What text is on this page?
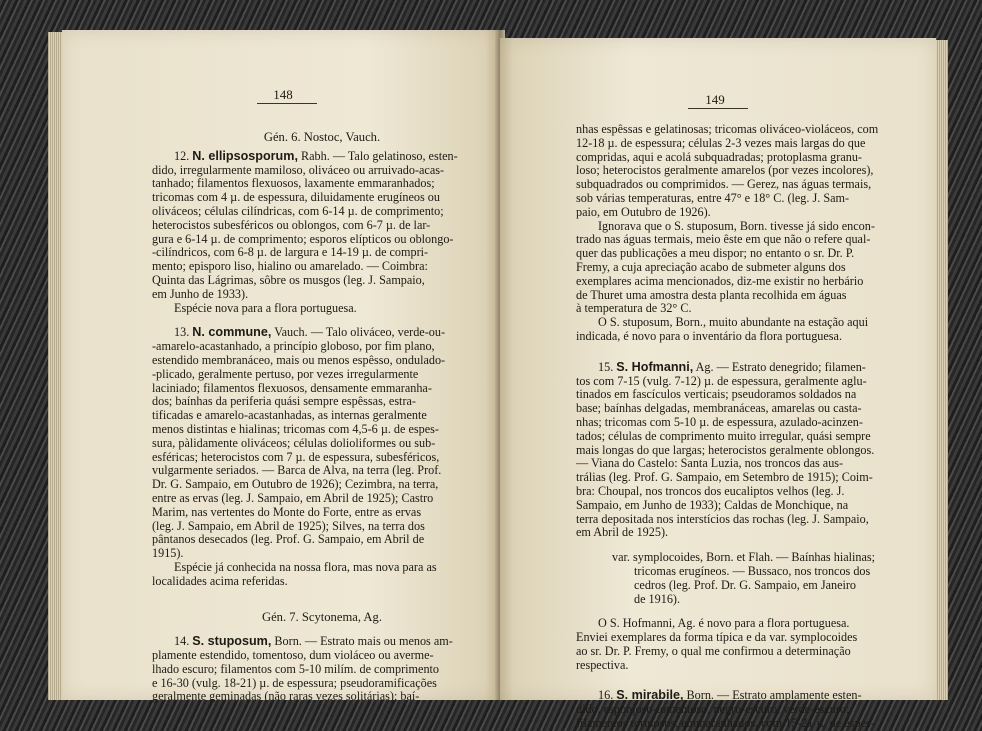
148

Gén. 6. Nostoc, Vauch.

12. N. ellipsosporum, Rabh. — Talo gelatinoso, esten-

dido, irregularmente mamiloso, oliváceo ou arruivado-acas-

tanhado; filamentos flexuosos, laxamente emmaranhados;

tricomas com 4 µ. de espessura, diluidamente erugíneos ou

oliváceos; células cilíndricas, com 6-14 µ. de comprimento;

heterocistos subesféricos ou oblongos, com 6-7 µ. de lar-

gura e 6-14 µ. de comprimento; esporos elípticos ou oblongo-

-cilíndricos, com 6-8 µ. de largura e 14-19 µ. de compri-

mento; episporo liso, hialino ou amarelado. — Coimbra:

Quinta das Lágrimas, sôbre os musgos (leg. J. Sampaio,

em Junho de 1933).

Espécie nova para a flora portuguesa.

13. N. commune, Vauch. — Talo oliváceo, verde-ou-

-amarelo-acastanhado, a princípio globoso, por fim plano,

estendido membranáceo, mais ou menos espêsso, ondulado-

-plicado, geralmente pertuso, por vezes irregularmente

laciniado; filamentos flexuosos, densamente emmaranha-

dos; baínhas da periferia quási sempre espêssas, estra-

tificadas e amarelo-acastanhadas, as internas geralmente

menos distintas e hialinas; tricomas com 4,5-6 µ. de espes-

sura, pàlidamente oliváceos; células dolioliformes ou sub-

esféricas; heterocistos com 7 µ. de espessura, subesféricos,

vulgarmente seriados. — Barca de Alva, na terra (leg. Prof.

Dr. G. Sampaio, em Outubro de 1926); Cezimbra, na terra,

entre as ervas (leg. J. Sampaio, em Abril de 1925); Castro

Marim, nas vertentes do Monte do Forte, entre as ervas

(leg. J. Sampaio, em Abril de 1925); Silves, na terra dos

pântanos desecados (leg. Prof. G. Sampaio, em Abril de

1915).

Espécie já conhecida na nossa flora, mas nova para as

localidades acima referidas.

Gén. 7. Scytonema, Ag.

14. S. stuposum, Born. — Estrato mais ou menos am-

plamente estendido, tomentoso, dum violáceo ou averme-

lhado escuro; filamentos com 5-10 milím. de comprimento

e 16-30 (vulg. 18-21) µ. de espessura; pseudoramificações

geralmente geminadas (não raras vezes solitárias); baí-

149

nhas espêssas e gelatinosas; tricomas oliváceo-violáceos, com

12-18 µ. de espessura; células 2-3 vezes mais largas do que

compridas, aqui e acolá subquadradas; protoplasma granu-

loso; heterocistos geralmente amarelos (por vezes incolores),

subquadrados ou comprimidos. — Gerez, nas águas termais,

sob várias temperaturas, entre 47° e 18° C. (leg. J. Sam-

paio, em Outubro de 1926).

Ignorava que o S. stuposum, Born. tivesse já sido encon-

trado nas águas termais, meio êste em que não o refere qual-

quer das publicações a meu dispor; no entanto o sr. Dr. P.

Fremy, a cuja apreciação acabo de submeter alguns dos

exemplares acima mencionados, diz-me existir no herbário

de Thuret uma amostra desta planta recolhida em águas

à temperatura de 32° C.

O S. stuposum, Born., muito abundante na estação aqui

indicada, é novo para o inventário da flora portuguesa.

15. S. Hofmanni, Ag. — Estrato denegrido; filamen-

tos com 7-15 (vulg. 7-12) µ. de espessura, geralmente aglu-

tinados em fascículos verticais; pseudoramos soldados na

base; baínhas delgadas, membranáceas, amarelas ou casta-

nhas; tricomas com 5-10 µ. de espessura, azulado-acinzen-

tados; células de comprimento muito irregular, quási sempre

mais longas do que largas; heterocistos geralmente oblongos.

— Viana do Castelo: Santa Luzia, nos troncos das aus-

trálias (leg. Prof. G. Sampaio, em Setembro de 1915); Coim-

bra: Choupal, nos troncos dos eucaliptos velhos (leg. J.

Sampaio, em Junho de 1933); Caldas de Monchique, na

terra depositada nos interstícios das rochas (leg. J. Sampaio,

em Abril de 1925).

var. symplocoides, Born. et Flah. — Baínhas hialinas;

tricomas erugíneos. — Bussaco, nos troncos dos

cedros (leg. Prof. Dr. G. Sampaio, em Janeiro

de 1916).

O S. Hofmanni, Ag. é novo para a flora portuguesa.

Enviei exemplares da forma típica e da var. symplocoides

ao sr. Dr. P. Fremy, o qual me confirmou a determinação

respectiva.

16. S. mirabile, Born. — Estrato amplamente esten-

dido, esponjoso-tomentoso, negro-escuro, verde-escuro;

filamentos tortuosos, emmaranhados, com 15-21 µ. de espes-
